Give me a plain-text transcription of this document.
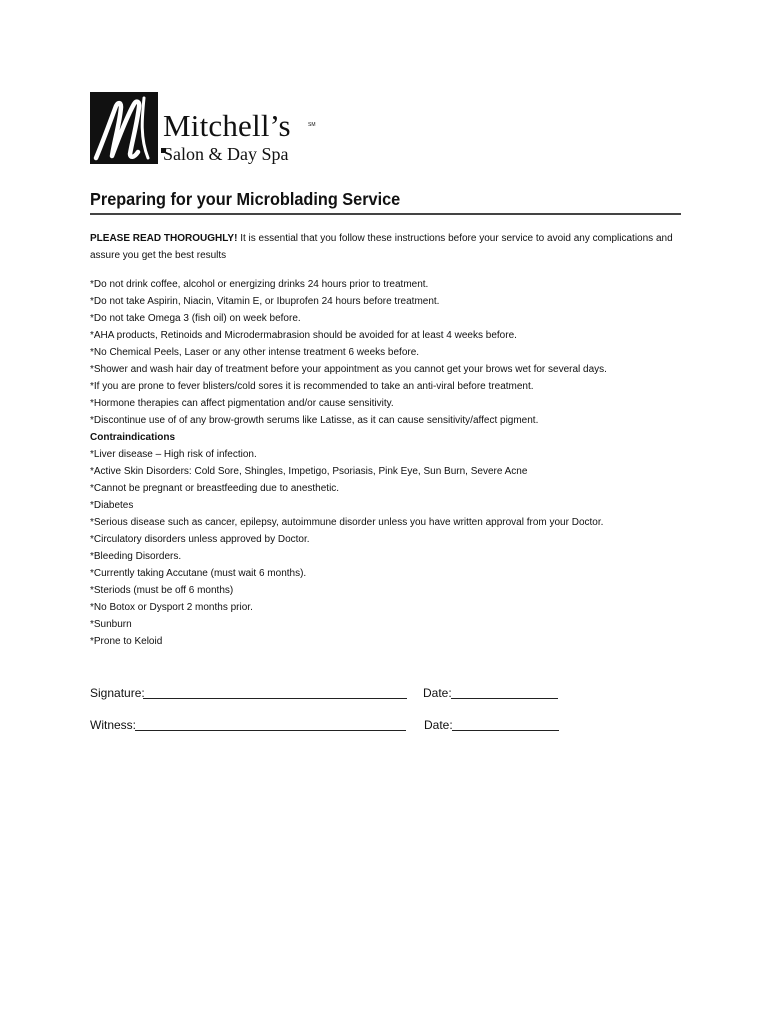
Mitchell’s	SM
Salon & Day Spa
Preparing for your Microblading Service

PLEASE READ THOROUGHLY! It is essential that you follow these instructions before your service to avoid any complications and assure you get the best results

*Do not drink coffee, alcohol or energizing drinks 24 hours prior to treatment.
*Do not take Aspirin, Niacin, Vitamin E, or Ibuprofen 24 hours before treatment.
*Do not take Omega 3 (fish oil) on week before.
*AHA products, Retinoids and Microdermabrasion should be avoided for at least 4 weeks before.
*No Chemical Peels, Laser or any other intense treatment 6 weeks before.
*Shower and wash hair day of treatment before your appointment as you cannot get your brows wet for several days.
*If you are prone to fever blisters/cold sores it is recommended to take an anti-viral before treatment.
*Hormone therapies can affect pigmentation and/or cause sensitivity.
*Discontinue use of of any brow-growth serums like Latisse, as it can cause sensitivity/affect pigment.
Contraindications
*Liver disease – High risk of infection.
*Active Skin Disorders: Cold Sore, Shingles, Impetigo, Psoriasis, Pink Eye, Sun Burn, Severe Acne
*Cannot be pregnant or breastfeeding due to anesthetic.
*Diabetes
*Serious disease such as cancer, epilepsy, autoimmune disorder unless you have written approval from your Doctor.
*Circulatory disorders unless approved by Doctor.
*Bleeding Disorders.
*Currently taking Accutane (must wait 6 months).
*Steriods (must be off 6 months)
*No Botox or Dysport 2 months prior.
*Sunburn
*Prone to Keloid
Signature:	Date:
Witness:	Date:
